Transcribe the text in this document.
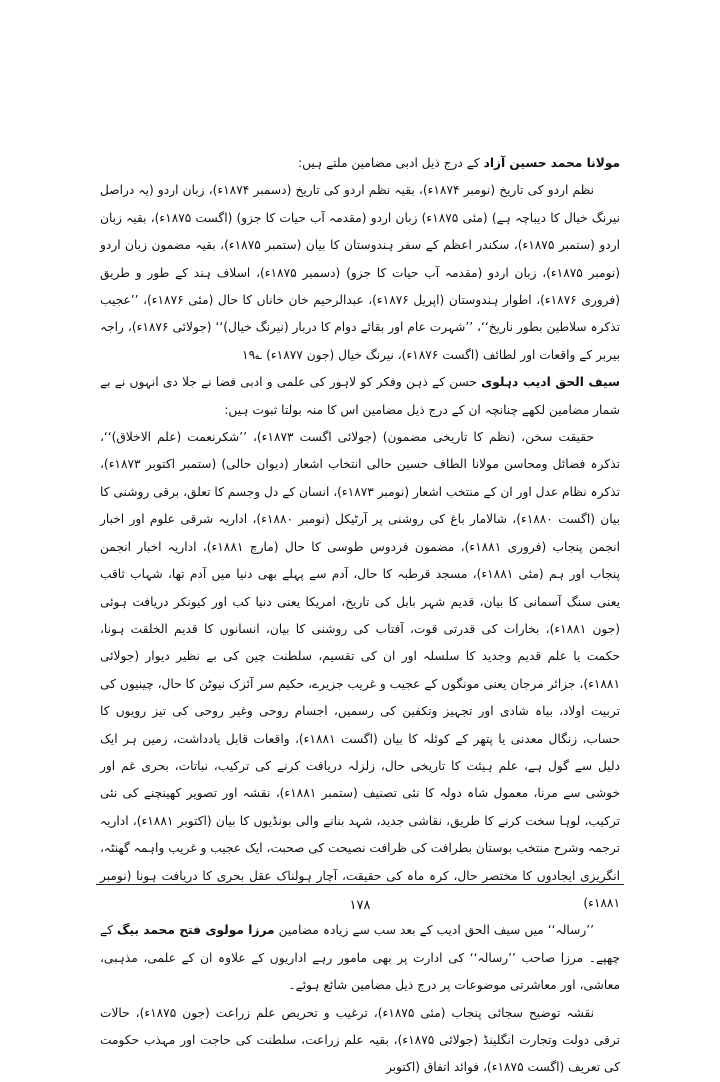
مولانا محمد حسین آزاد کے درج ذیل ادبی مضامین ملتے ہیں:

نظم اردو کی تاریخ (نومبر ۱۸۷۴ء)، بقیہ نظم اردو کی تاریخ (دسمبر ۱۸۷۴ء)، زبان اردو (یہ دراصل نیرنگ خیال کا دیباچہ ہے) (مئی ۱۸۷۵ء) زبان اردو (مقدمہ آب حیات کا جزو) (اگست ۱۸۷۵ء)، بقیہ زبان اردو (ستمبر ۱۸۷۵ء)، سکندر اعظم کے سفر ہندوستان کا بیان (ستمبر ۱۸۷۵ء)، بقیہ مضمون زبان اردو (نومبر ۱۸۷۵ء)، زبان اردو (مقدمہ آب حیات کا جزو) (دسمبر ۱۸۷۵ء)، اسلاف ہند کے طور و طریق (فروری ۱۸۷۶ء)، اطوار ہندوستان (اپریل ۱۸۷۶ء)، عبدالرحیم خان خاناں کا حال (مئی ۱۸۷۶ء)، ’’عجیب تذکرہ سلاطین بطور ناریخ‘‘، ’’شہرت عام اور بقائے دوام کا دربار (نیرنگ خیال)‘‘ (جولائی ۱۸۷۶ء)، راجہ بیربر کے واقعات اور لطائف (اگست ۱۸۷۶ء)، نیرنگ خیال (جون ۱۸۷۷ء) ؎۱۹

سیف الحق ادیب دہلوی حسن کے ذہن وفکر کو لاہور کی علمی و ادبی فضا نے جلا دی انہوں نے بے شمار مضامین لکھے چنانچہ ان کے درج ذیل مضامین اس کا منہ بولتا ثبوت ہیں:

حقیقت سخن، (نظم کا تاریخی مضمون) (جولائی اگست ۱۸۷۳ء)، ’’شکرنعمت (علم الاخلاق)‘‘، تذکرہ فضائل ومحاسن مولانا الطاف حسین حالی انتخاب اشعار (دیوان حالی) (ستمبر اکتوبر ۱۸۷۳ء)، تذکرہ نظام عدل اور ان کے منتخب اشعار (نومبر ۱۸۷۳ء)، انسان کے دل وجسم کا تعلق، برقی روشنی کا بیان (اگست ۱۸۸۰ء)، شالامار باغ کی روشنی پر آرٹیکل (نومبر ۱۸۸۰ء)، اداریہ شرقی علوم اور اخبار انجمن پنجاب (فروری ۱۸۸۱ء)، مضمون فردوس طوسی کا حال (مارچ ۱۸۸۱ء)، اداریہ اخبار انجمن پنجاب اور ہم (مئی ۱۸۸۱ء)، مسجد قرطبہ کا حال، آدم سے پہلے بھی دنیا میں آدم تھا، شہاب ثاقب یعنی سنگ آسمانی کا بیان، قدیم شہر بابل کی تاریخ، امریکا یعنی دنیا کب اور کیونکر دریافت ہوئی (جون ۱۸۸۱ء)، بخارات کی قدرتی قوت، آفتاب کی روشنی کا بیان، انسانوں کا قدیم الخلقت ہونا، حکمت یا علم قدیم وجدید کا سلسلہ اور ان کی تقسیم، سلطنت چین کی بے نظیر دیوار (جولائی ۱۸۸۱ء)، جزائر مرجان یعنی مونگوں کے عجیب و غریب جزیرے، حکیم سر آئزک نیوٹن کا حال، چینیوں کی تربیت اولاد، بیاہ شادی اور تجہیز وتکفین کی رسمیں، اجسام روحی وغیر روحی کی تیز رویوں کا حساب، زنگال معدنی یا پتھر کے کوئلہ کا بیان (اگست ۱۸۸۱ء)، واقعات قابل یادداشت، زمین ہر ایک دلیل سے گول ہے، علم ہیئت کا تاریخی حال، زلزلہ دریافت کرنے کی ترکیب، نباتات، بحری غم اور خوشی سے مرنا، معمول شاہ دولہ کا نئی تصنیف (ستمبر ۱۸۸۱ء)، نقشہ اور تصویر کھینچنے کی نئی ترکیب، لوہا سخت کرنے کا طریق، نقاشی جدید، شہد بنانے والی بونڈیوں کا بیان (اکتوبر ۱۸۸۱ء)، اداریہ ترجمہ وشرح منتخب بوستان بطرافت کی ظرافت نصیحت کی صحبت، ایک عجیب و غریب واہمہ گھنٹہ، انگریزی ایجادوں کا مختصر حال، کرہ ماہ کی حقیقت، آچار ہولناک عقل بحری کا دریافت ہونا (نومبر ۱۸۸۱ء)

’’رسالہ‘‘ میں سیف الحق ادیب کے بعد سب سے زیادہ مضامین مرزا مولوی فتح محمد بیگ کے چھپے۔ مرزا صاحب ’’رسالہ‘‘ کی ادارت پر بھی مامور رہے اداریوں کے علاوہ ان کے علمی، مذہبی، معاشی، اور معاشرتی موضوعات پر درج ذیل مضامین شائع ہوئے۔

نقشہ توضیح سجائی پنجاب (مئی ۱۸۷۵ء)، ترغیب و تحریص علم زراعت (جون ۱۸۷۵ء)، حالات ترقی دولت وتجارت انگلینڈ (جولائی ۱۸۷۵ء)، بقیہ علم زراعت، سلطنت کی حاجت اور مہذب حکومت کی تعریف (اگست ۱۸۷۵ء)، فوائد اتفاق (اکتوبر

۱۷۸
